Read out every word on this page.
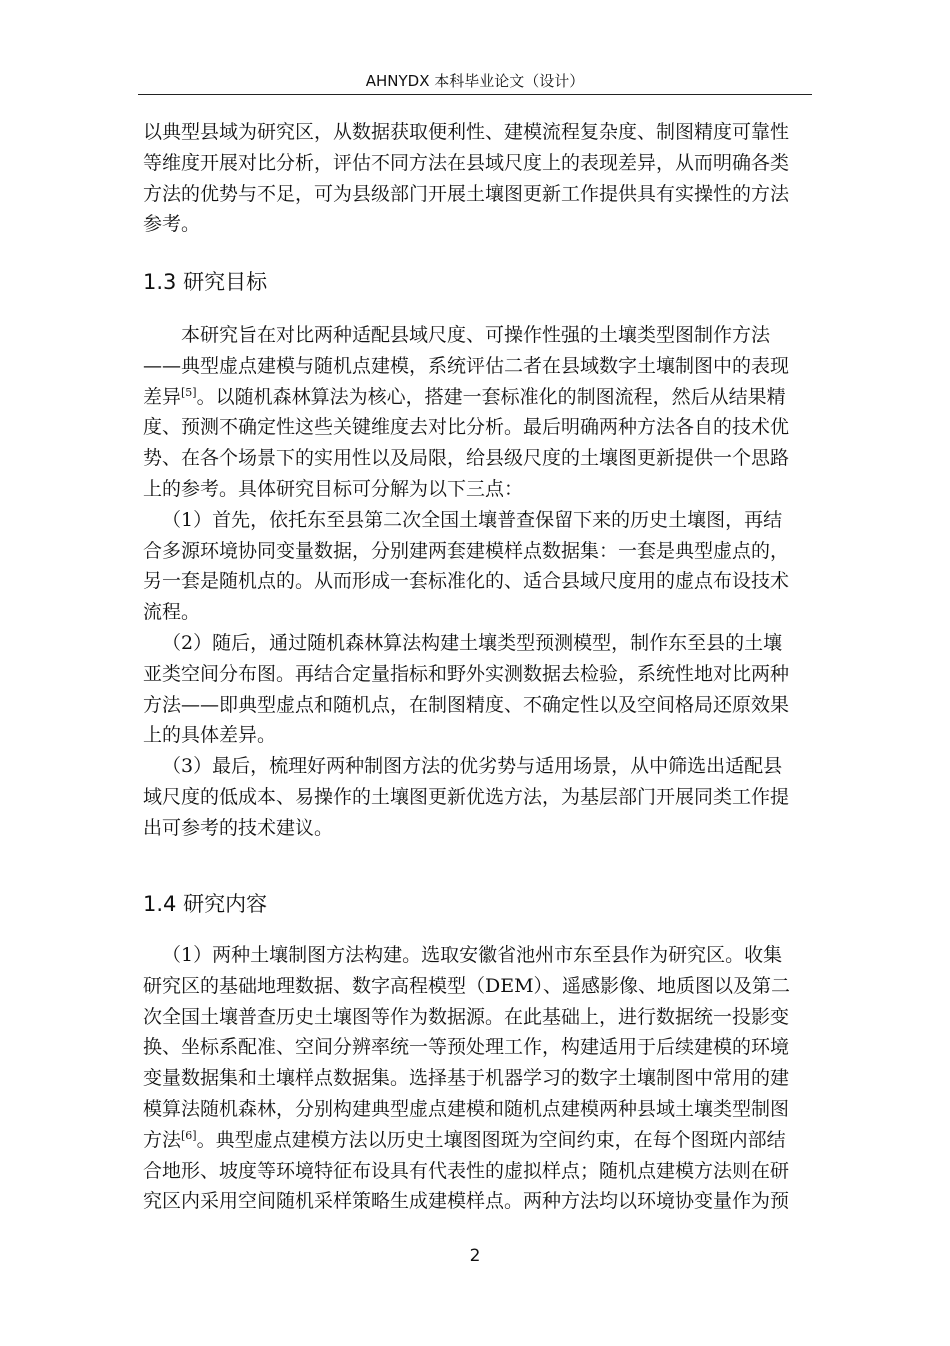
AHNYDX 本科毕业论文（设计）
以典型县域为研究区，从数据获取便利性、建模流程复杂度、制图精度可靠性
等维度开展对比分析，评估不同方法在县域尺度上的表现差异，从而明确各类
方法的优势与不足，可为县级部门开展土壤图更新工作提供具有实操性的方法
参考。
1.3 研究目标
本研究旨在对比两种适配县域尺度、可操作性强的土壤类型图制作方法
——典型虚点建模与随机点建模，系统评估二者在县域数字土壤制图中的表现
差异[5]。以随机森林算法为核心，搭建一套标准化的制图流程，然后从结果精
度、预测不确定性这些关键维度去对比分析。最后明确两种方法各自的技术优
势、在各个场景下的实用性以及局限，给县级尺度的土壤图更新提供一个思路
上的参考。具体研究目标可分解为以下三点：
（1）首先，依托东至县第二次全国土壤普查保留下来的历史土壤图，再结
合多源环境协同变量数据，分别建两套建模样点数据集：一套是典型虚点的，
另一套是随机点的。从而形成一套标准化的、适合县域尺度用的虚点布设技术
流程。
（2）随后，通过随机森林算法构建土壤类型预测模型，制作东至县的土壤
亚类空间分布图。再结合定量指标和野外实测数据去检验，系统性地对比两种
方法——即典型虚点和随机点，在制图精度、不确定性以及空间格局还原效果
上的具体差异。
（3）最后，梳理好两种制图方法的优劣势与适用场景，从中筛选出适配县
域尺度的低成本、易操作的土壤图更新优选方法，为基层部门开展同类工作提
出可参考的技术建议。
1.4 研究内容
（1）两种土壤制图方法构建。选取安徽省池州市东至县作为研究区。收集
研究区的基础地理数据、数字高程模型（DEM）、遥感影像、地质图以及第二
次全国土壤普查历史土壤图等作为数据源。在此基础上，进行数据统一投影变
换、坐标系配准、空间分辨率统一等预处理工作，构建适用于后续建模的环境
变量数据集和土壤样点数据集。选择基于机器学习的数字土壤制图中常用的建
模算法随机森林，分别构建典型虚点建模和随机点建模两种县域土壤类型制图
方法[6]。典型虚点建模方法以历史土壤图图斑为空间约束，在每个图斑内部结
合地形、坡度等环境特征布设具有代表性的虚拟样点；随机点建模方法则在研
究区内采用空间随机采样策略生成建模样点。两种方法均以环境协变量作为预
2
